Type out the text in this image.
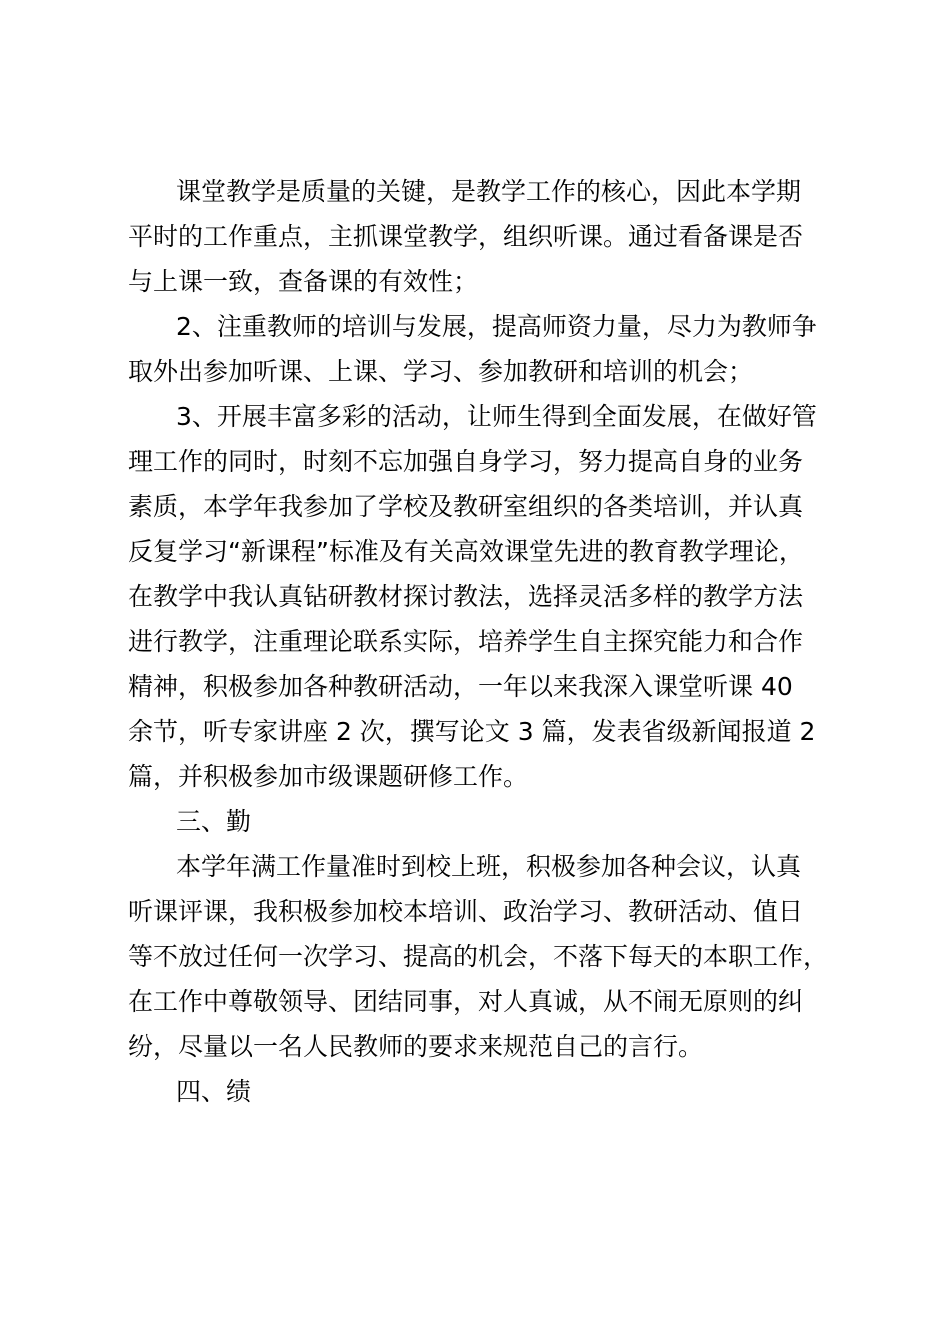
课堂教学是质量的关键，是教学工作的核心，因此本学期
平时的工作重点，主抓课堂教学，组织听课。通过看备课是否
与上课一致，查备课的有效性；
2、注重教师的培训与发展，提高师资力量，尽力为教师争
取外出参加听课、上课、学习、参加教研和培训的机会；
3、开展丰富多彩的活动，让师生得到全面发展，在做好管
理工作的同时，时刻不忘加强自身学习，努力提高自身的业务
素质，本学年我参加了学校及教研室组织的各类培训，并认真
反复学习“新课程”标准及有关高效课堂先进的教育教学理论，
在教学中我认真钻研教材探讨教法，选择灵活多样的教学方法
进行教学，注重理论联系实际，培养学生自主探究能力和合作
精神，积极参加各种教研活动，一年以来我深入课堂听课 40
余节，听专家讲座 2 次，撰写论文 3 篇，发表省级新闻报道 2
篇，并积极参加市级课题研修工作。
三、勤
本学年满工作量准时到校上班，积极参加各种会议，认真
听课评课，我积极参加校本培训、政治学习、教研活动、值日
等不放过任何一次学习、提高的机会，不落下每天的本职工作，
在工作中尊敬领导、团结同事，对人真诚，从不闹无原则的纠
纷，尽量以一名人民教师的要求来规范自己的言行。
四、绩
